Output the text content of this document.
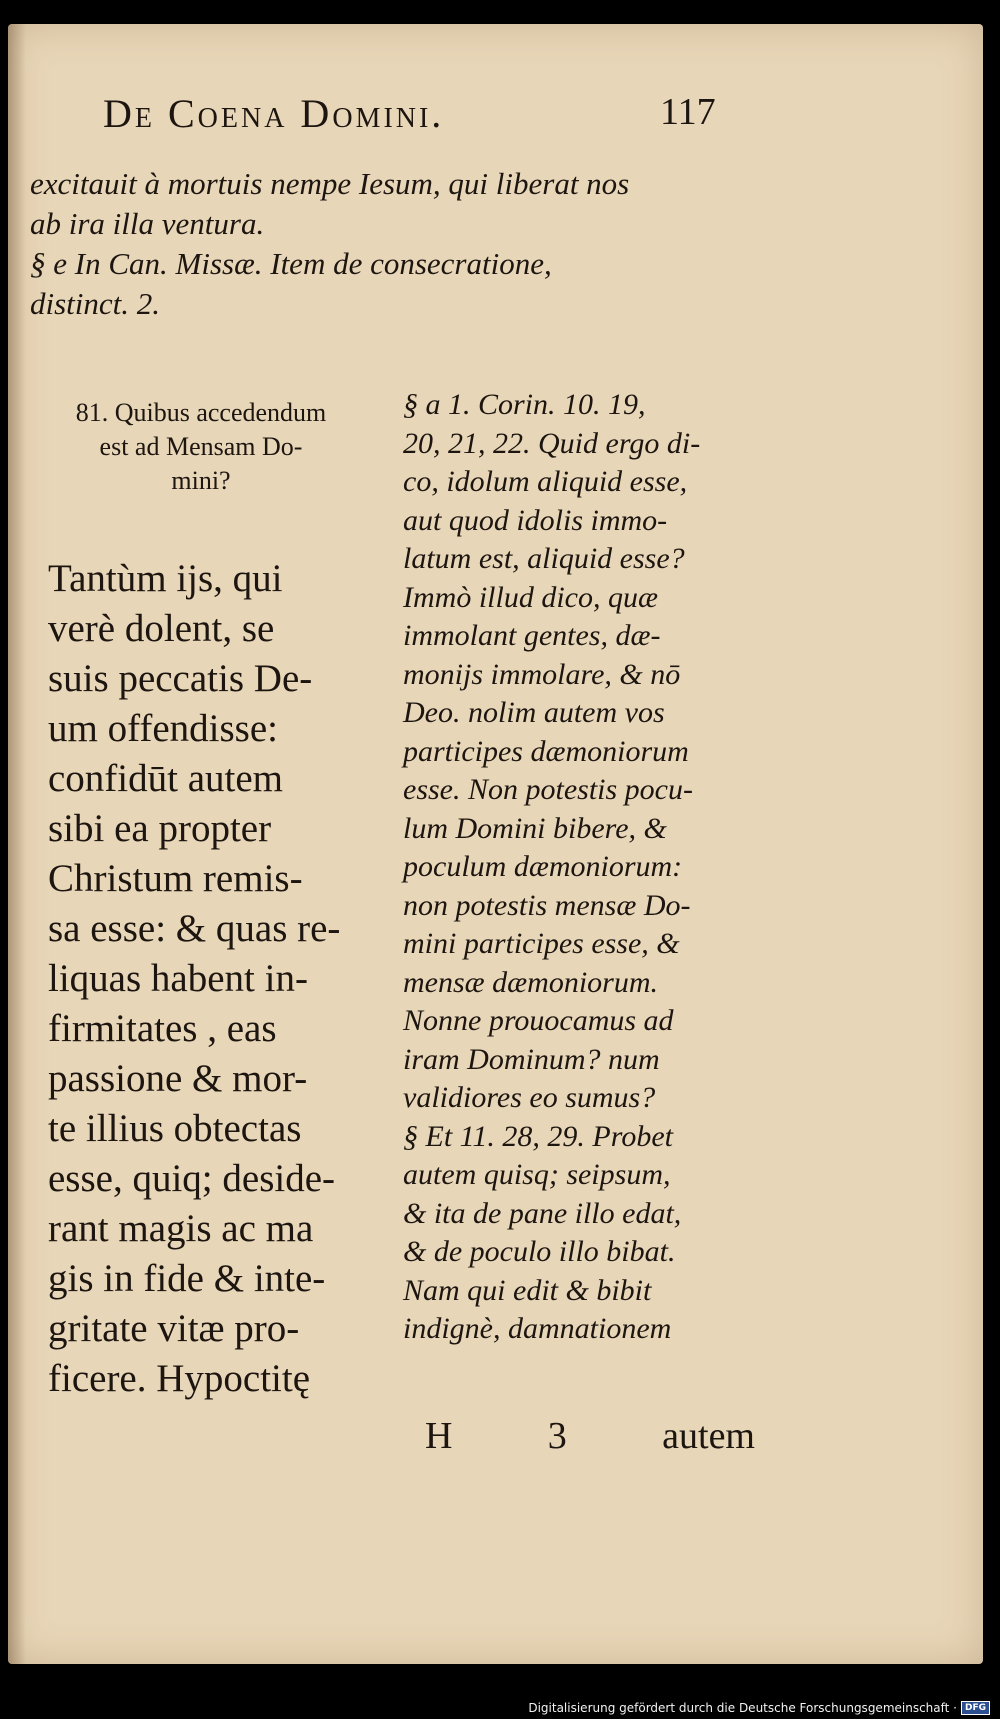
De Coena Domini.	117
excitauit à mortuis nempe Iesum, qui liberat nos
ab ira illa ventura.
§ e In Can. Missæ. Item de consecratione,
distinct. 2.
81. Quibus accedendum
est ad Mensam Do-
mini?
Tantùm ijs, qui
verè dolent, se
suis peccatis De-
um offendisse:
confidūt autem
sibi ea propter
Christum remis-
sa esse: & quas re-
liquas habent in-
firmitates , eas
passione & mor-
te illius obtectas
esse, quiq; deside-
rant magis ac ma
gis in fide & inte-
gritate vitæ pro-
ficere. Hypoctitę
§ a 1. Corin. 10. 19,
20, 21, 22. Quid ergo di-
co, idolum aliquid esse,
aut quod idolis immo-
latum est, aliquid esse?
Immò illud dico, quæ
immolant gentes, dæ-
monijs immolare, & nō
Deo. nolim autem vos
participes dæmoniorum
esse. Non potestis pocu-
lum Domini bibere, &
poculum dæmoniorum:
non potestis mensæ Do-
mini participes esse, &
mensæ dæmoniorum.
Nonne prouocamus ad
iram Dominum? num
validiores eo sumus?
§ Et 11. 28, 29. Probet
autem quisq; seipsum,
& ita de pane illo edat,
& de poculo illo bibat.
Nam qui edit & bibit
indignè, damnationem
H	3	autem
Digitalisierung gefördert durch die Deutsche Forschungsgemeinschaft · DFG
